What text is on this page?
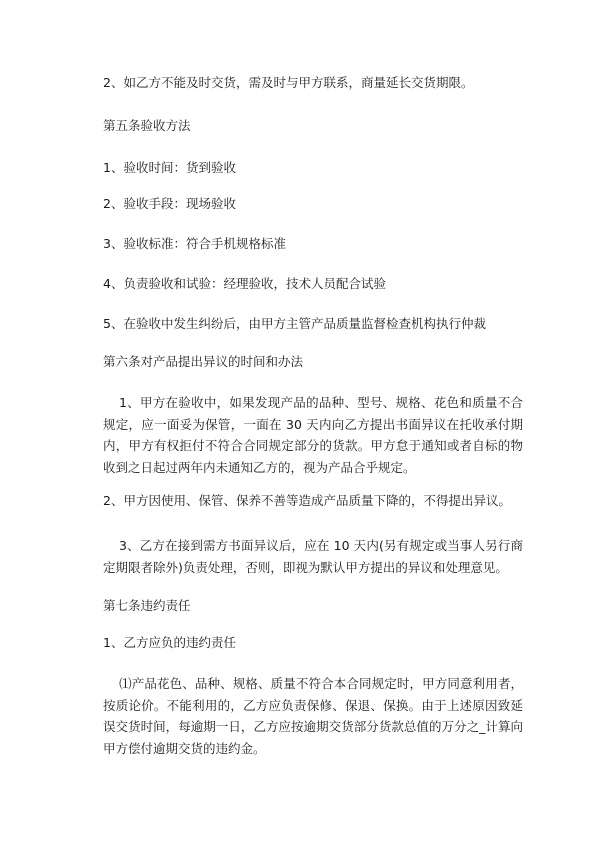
2、如乙方不能及时交货，需及时与甲方联系，商量延长交货期限。
第五条验收方法
1、验收时间：货到验收
2、验收手段：现场验收
3、验收标准：符合手机规格标准
4、负责验收和试验：经理验收，技术人员配合试验
5、在验收中发生纠纷后，由甲方主管产品质量监督检查机构执行仲裁
第六条对产品提出异议的时间和办法
1、甲方在验收中，如果发现产品的品种、型号、规格、花色和质量不合规定，应一面妥为保管，一面在 30 天内向乙方提出书面异议在托收承付期内，甲方有权拒付不符合合同规定部分的货款。甲方怠于通知或者自标的物收到之日起过两年内未通知乙方的，视为产品合乎规定。
2、甲方因使用、保管、保养不善等造成产品质量下降的，不得提出异议。
3、乙方在接到需方书面异议后，应在 10 天内(另有规定或当事人另行商定期限者除外)负责处理，否则，即视为默认甲方提出的异议和处理意见。
第七条违约责任
1、乙方应负的违约责任
⑴产品花色、品种、规格、质量不符合本合同规定时，甲方同意利用者，按质论价。不能利用的，乙方应负责保修、保退、保换。由于上述原因致延误交货时间，每逾期一日，乙方应按逾期交货部分货款总值的万分之_计算向甲方偿付逾期交货的违约金。
